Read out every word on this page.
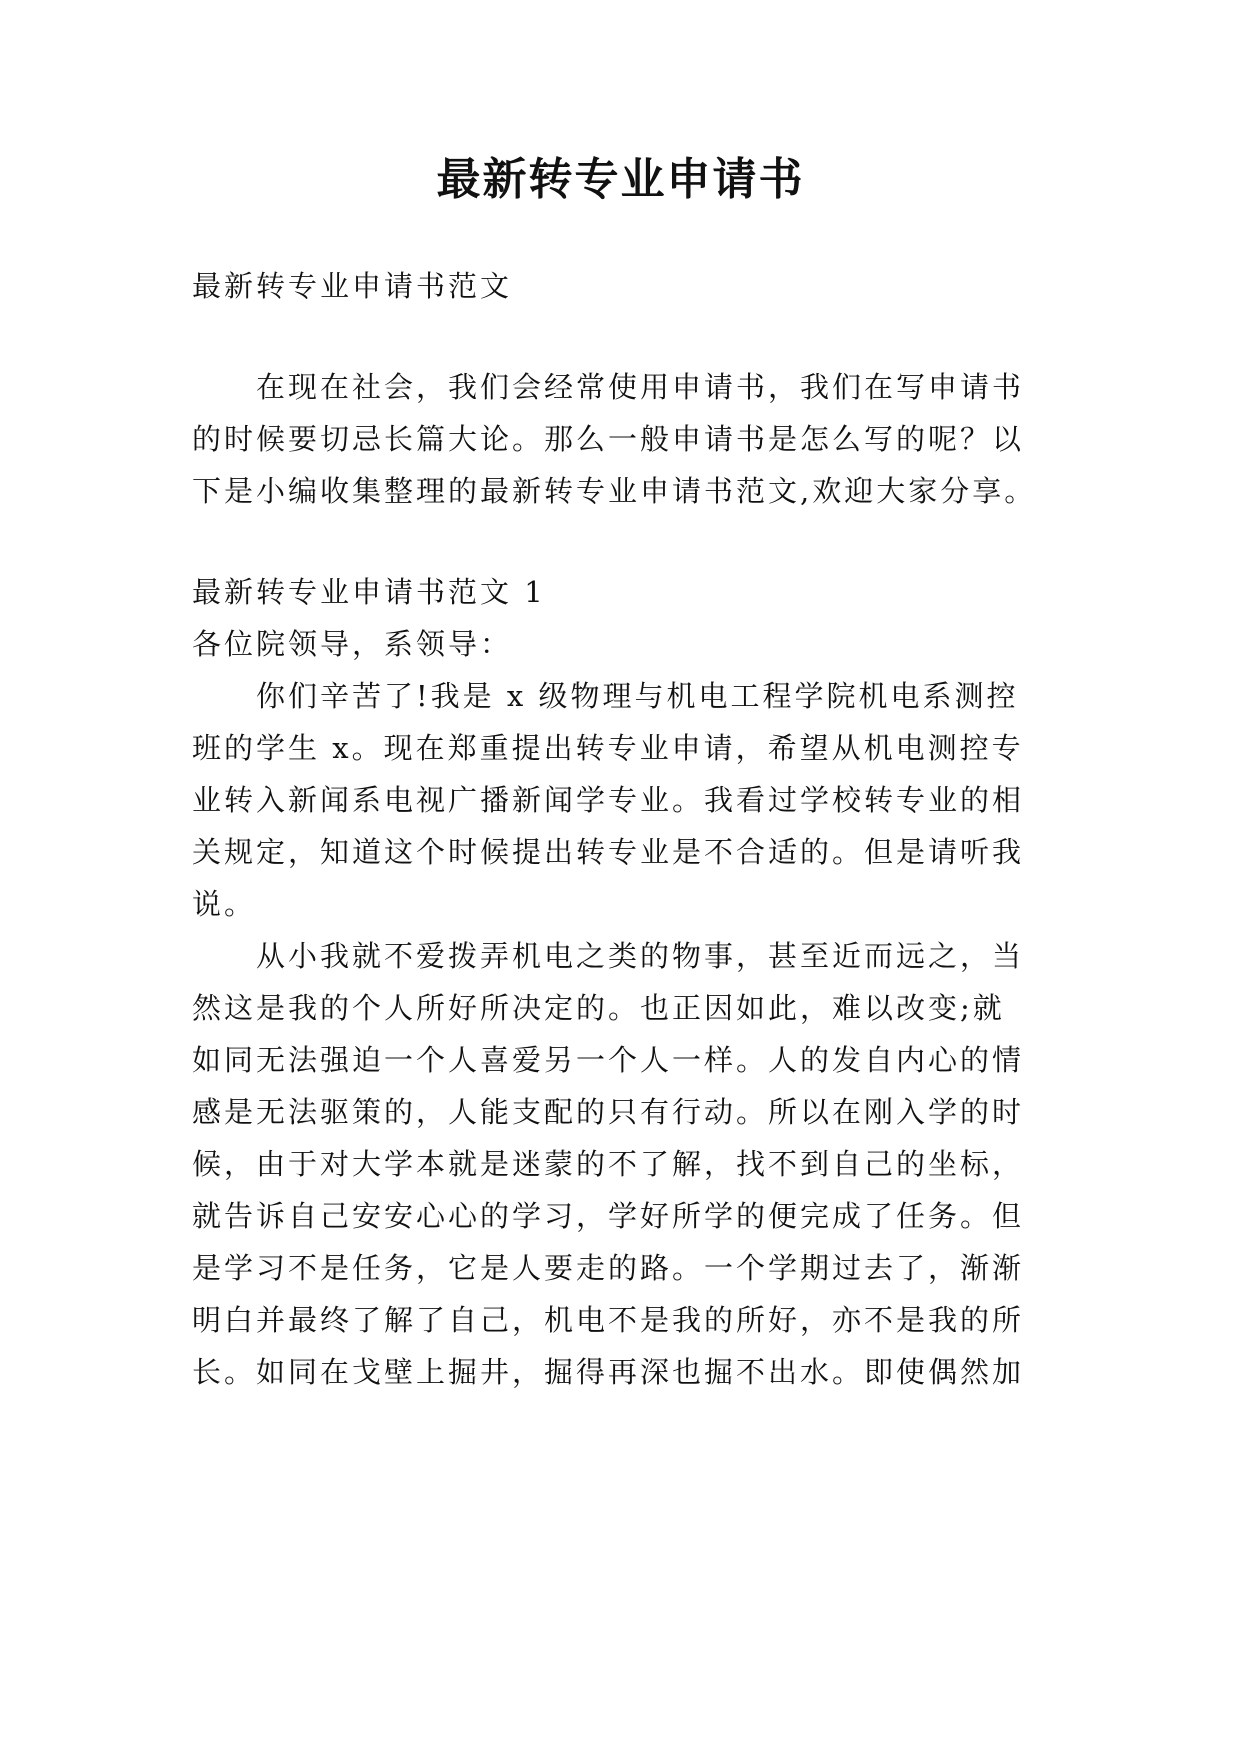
最新转专业申请书
最新转专业申请书范文
在现在社会，我们会经常使用申请书，我们在写申请书
的时候要切忌长篇大论。那么一般申请书是怎么写的呢？以
下是小编收集整理的最新转专业申请书范文,欢迎大家分享。
最新转专业申请书范文 1
各位院领导，系领导：
你们辛苦了!我是 x 级物理与机电工程学院机电系测控
班的学生 x。现在郑重提出转专业申请，希望从机电测控专
业转入新闻系电视广播新闻学专业。我看过学校转专业的相
关规定，知道这个时候提出转专业是不合适的。但是请听我
说。
从小我就不爱拨弄机电之类的物事，甚至近而远之，当
然这是我的个人所好所决定的。也正因如此，难以改变;就
如同无法强迫一个人喜爱另一个人一样。人的发自内心的情
感是无法驱策的，人能支配的只有行动。所以在刚入学的时
候，由于对大学本就是迷蒙的不了解，找不到自己的坐标，
就告诉自己安安心心的学习，学好所学的便完成了任务。但
是学习不是任务，它是人要走的路。一个学期过去了，渐渐
明白并最终了解了自己，机电不是我的所好，亦不是我的所
长。如同在戈壁上掘井，掘得再深也掘不出水。即使偶然加
